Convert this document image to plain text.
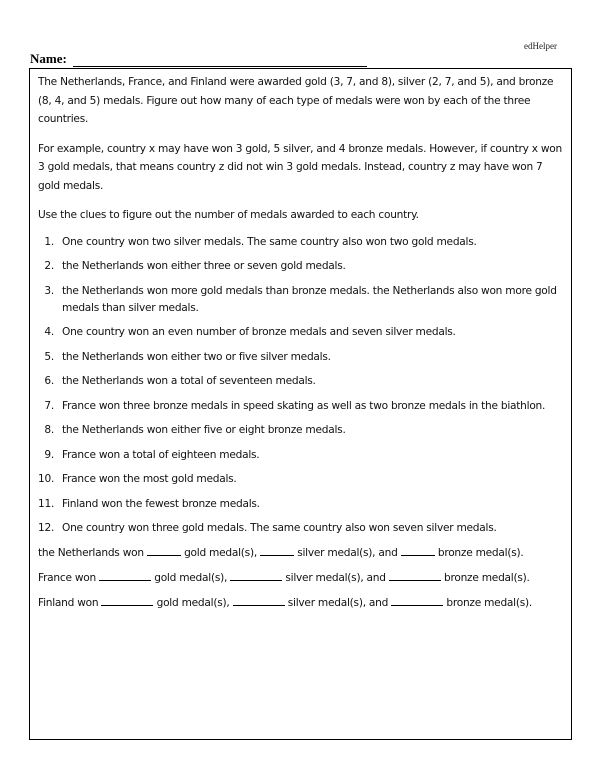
edHelper
Name:

The Netherlands, France, and Finland were awarded gold (3, 7, and 8), silver (2, 7, and 5), and bronze (8, 4, and 5) medals. Figure out how many of each type of medals were won by each of the three countries.

For example, country x may have won 3 gold, 5 silver, and 4 bronze medals. However, if country x won 3 gold medals, that means country z did not win 3 gold medals. Instead, country z may have won 7 gold medals.

Use the clues to figure out the number of medals awarded to each country.

1. One country won two silver medals. The same country also won two gold medals.
2. the Netherlands won either three or seven gold medals.
3. the Netherlands won more gold medals than bronze medals. the Netherlands also won more gold medals than silver medals.
4. One country won an even number of bronze medals and seven silver medals.
5. the Netherlands won either two or five silver medals.
6. the Netherlands won a total of seventeen medals.
7. France won three bronze medals in speed skating as well as two bronze medals in the biathlon.
8. the Netherlands won either five or eight bronze medals.
9. France won a total of eighteen medals.
10. France won the most gold medals.
11. Finland won the fewest bronze medals.
12. One country won three gold medals. The same country also won seven silver medals.
the Netherlands won	gold medal(s),	silver medal(s), and	bronze medal(s).
France won	gold medal(s),	silver medal(s), and	bronze medal(s).
Finland won	gold medal(s),	silver medal(s), and	bronze medal(s).
